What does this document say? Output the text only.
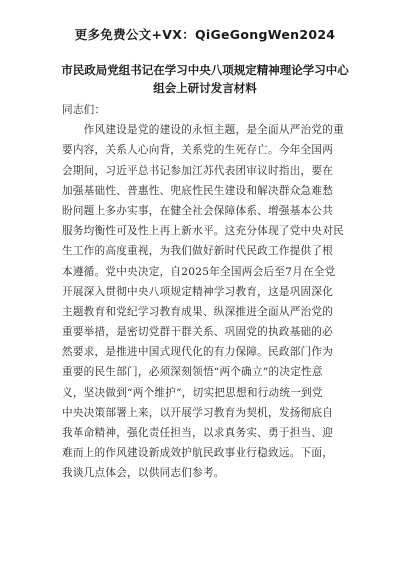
更多免费公文+VX：QiGeGongWen2024
市民政局党组书记在学习中央八项规定精神理论学习中心
组会上研讨发言材料
同志们：
　　作风建设是党的建设的永恒主题，是全面从严治党的重
要内容，关系人心向背，关系党的生死存亡。今年全国两
会期间，习近平总书记参加江苏代表团审议时指出，要在
加强基础性、普惠性、兜底性民生建设和解决群众急难愁
盼问题上多办实事，在健全社会保障体系、增强基本公共
服务均衡性可及性上再上新水平。这充分体现了党中央对民
生工作的高度重视，为我们做好新时代民政工作提供了根
本遵循。党中央决定，自2025年全国两会后至7月在全党
开展深入贯彻中央八项规定精神学习教育，这是巩固深化
主题教育和党纪学习教育成果、纵深推进全面从严治党的
重要举措，是密切党群干群关系、巩固党的执政基础的必
然要求，是推进中国式现代化的有力保障。民政部门作为
重要的民生部门，必须深刻领悟“两个确立”的决定性意
义，坚决做到“两个维护”，切实把思想和行动统一到党
中央决策部署上来，以开展学习教育为契机，发扬彻底自
我革命精神，强化责任担当，以求真务实、勇于担当、迎
难而上的作风建设新成效护航民政事业行稳致远。下面，
我谈几点体会，以供同志们参考。
